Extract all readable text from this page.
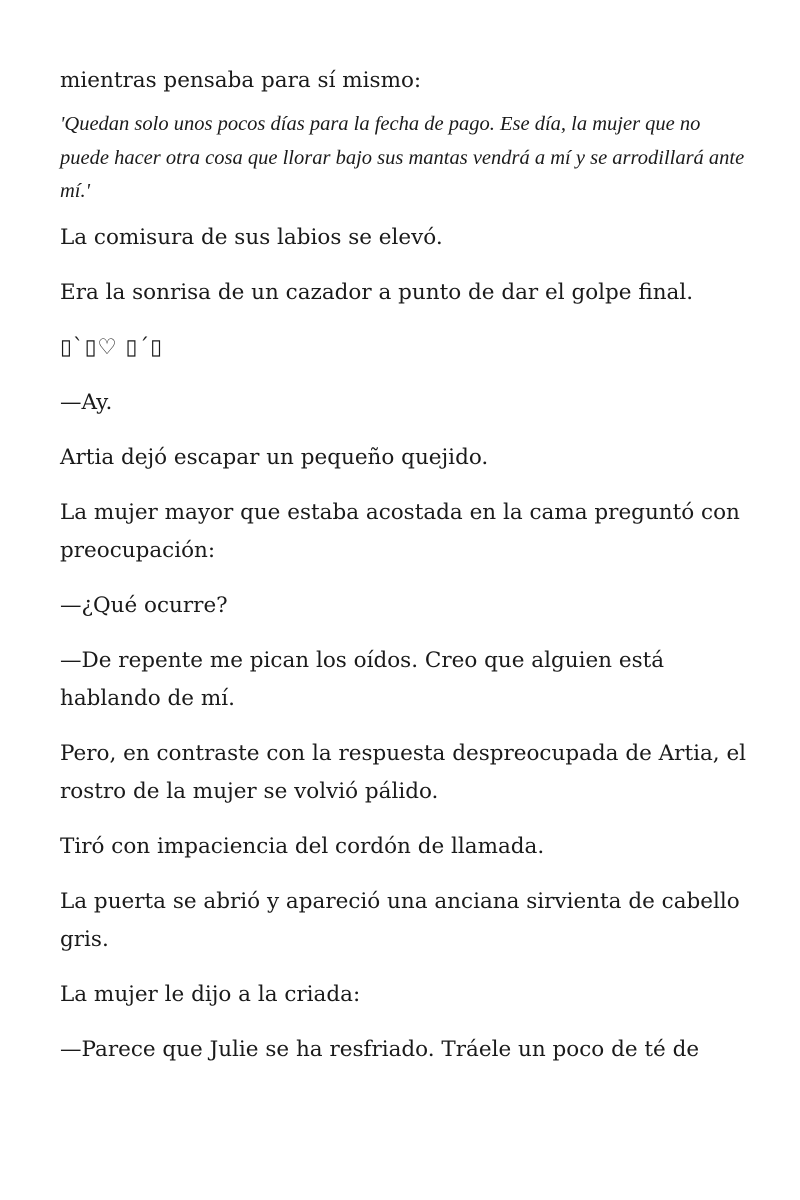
mientras pensaba para sí mismo:

'Quedan solo unos pocos días para la fecha de pago. Ese día, la mujer que no puede hacer otra cosa que llorar bajo sus mantas vendrá a mí y se arrodillará ante mí.'

La comisura de sus labios se elevó.

Era la sonrisa de un cazador a punto de dar el golpe final.

▯`▯♡ ▯´▯

—Ay.

Artia dejó escapar un pequeño quejido.

La mujer mayor que estaba acostada en la cama preguntó con preocupación:

—¿Qué ocurre?

—De repente me pican los oídos. Creo que alguien está hablando de mí.

Pero, en contraste con la respuesta despreocupada de Artia, el rostro de la mujer se volvió pálido.

Tiró con impaciencia del cordón de llamada.

La puerta se abrió y apareció una anciana sirvienta de cabello gris.

La mujer le dijo a la criada:

—Parece que Julie se ha resfriado. Tráele un poco de té de
